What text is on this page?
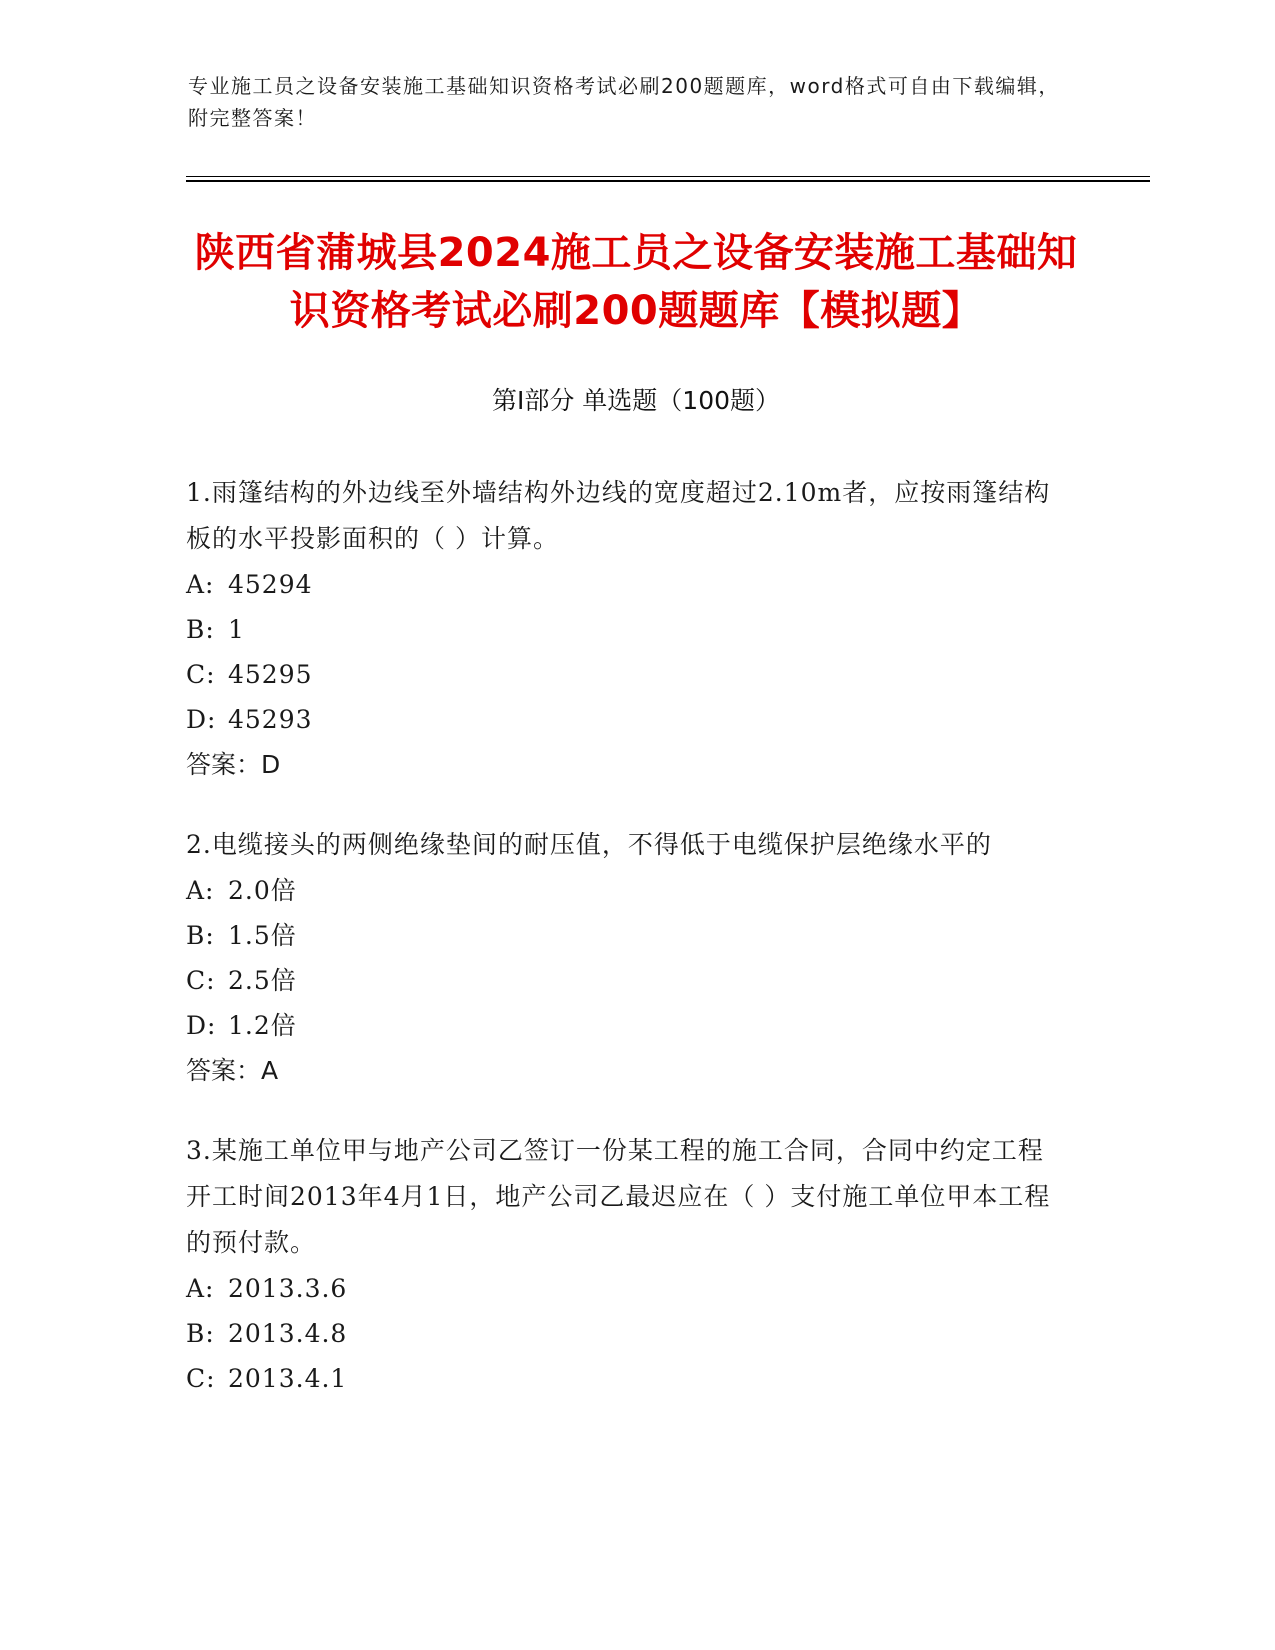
专业施工员之设备安装施工基础知识资格考试必刷200题题库，word格式可自由下载编辑，附完整答案！
陕西省蒲城县2024施工员之设备安装施工基础知识资格考试必刷200题题库【模拟题】
第Ⅰ部分 单选题（100题）

1.雨篷结构的外边线至外墙结构外边线的宽度超过2.10m者，应按雨篷结构板的水平投影面积的（ ）计算。

A: 45294

B: 1

C: 45295

D: 45293

答案：D

2.电缆接头的两侧绝缘垫间的耐压值，不得低于电缆保护层绝缘水平的

A: 2.0倍

B: 1.5倍

C: 2.5倍

D: 1.2倍

答案：A

3.某施工单位甲与地产公司乙签订一份某工程的施工合同，合同中约定工程开工时间2013年4月1日，地产公司乙最迟应在（ ）支付施工单位甲本工程的预付款。

A: 2013.3.6

B: 2013.4.8

C: 2013.4.1
